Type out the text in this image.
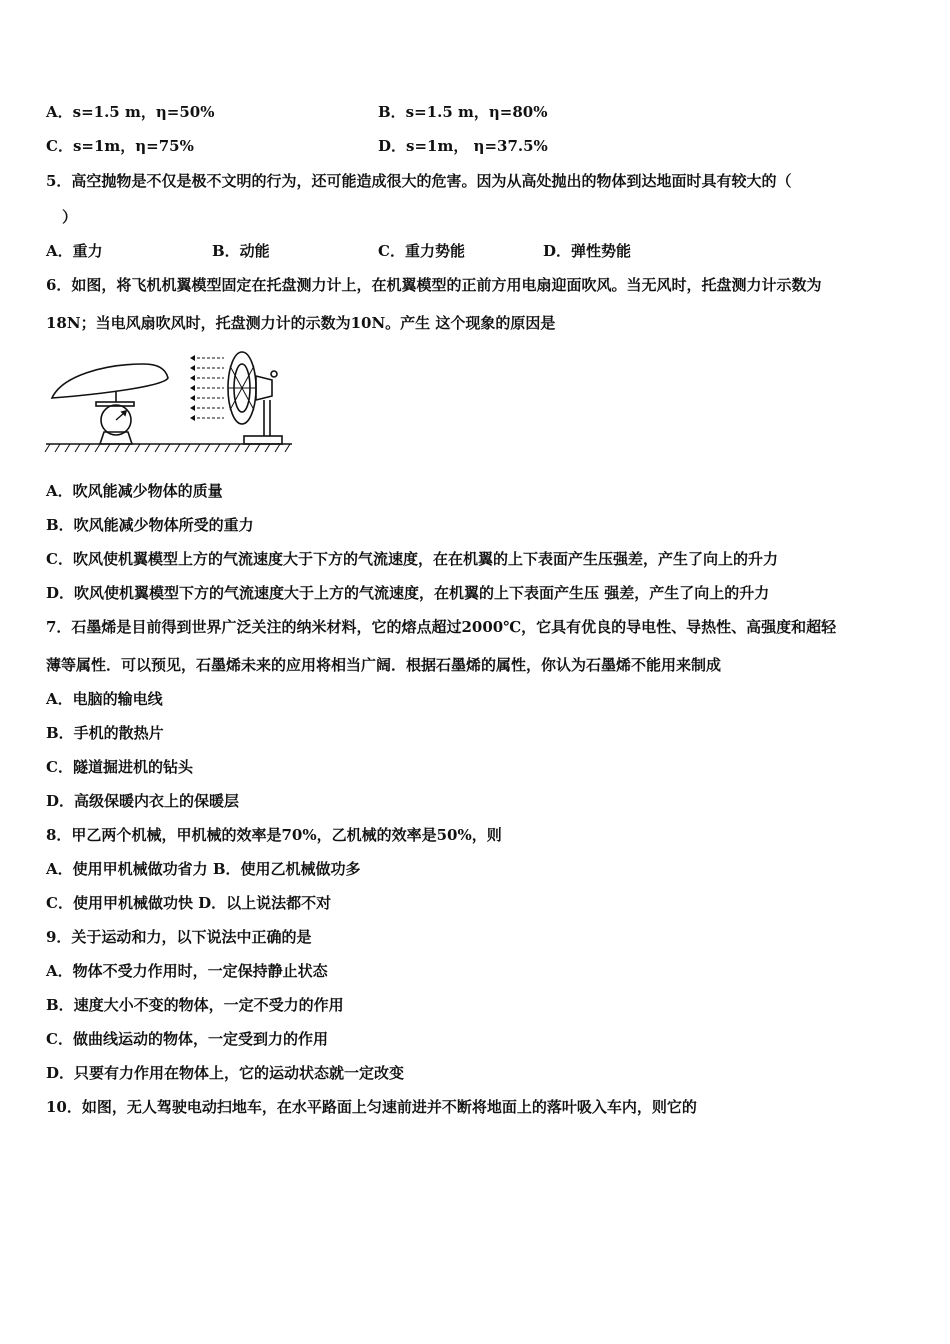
A．s=1.5 m，η=50%	B．s=1.5 m，η=80%
C．s=1m，η=75%	D．s=1m， η=37.5%
5．高空抛物是不仅是极不文明的行为，还可能造成很大的危害。因为从高处抛出的物体到达地面时具有较大的（
）
A．重力	B．动能	C．重力势能	D．弹性势能
6．如图，将飞机机翼模型固定在托盘测力计上，在机翼模型的正前方用电扇迎面吹风。当无风时，托盘测力计示数为
18N；当电风扇吹风时，托盘测力计的示数为10N。产生 这个现象的原因是
A．吹风能减少物体的质量
B．吹风能减少物体所受的重力
C．吹风使机翼模型上方的气流速度大于下方的气流速度，在在机翼的上下表面产生压强差，产生了向上的升力
D．吹风使机翼模型下方的气流速度大于上方的气流速度，在机翼的上下表面产生压 强差，产生了向上的升力
7．石墨烯是目前得到世界广泛关注的纳米材料，它的熔点超过2000℃，它具有优良的导电性、导热性、高强度和超轻
薄等属性．可以预见，石墨烯未来的应用将相当广阔．根据石墨烯的属性，你认为石墨烯不能用来制成
A．电脑的输电线
B．手机的散热片
C．隧道掘进机的钻头
D．高级保暖内衣上的保暖层
8．甲乙两个机械，甲机械的效率是70%，乙机械的效率是50%，则
A．使用甲机械做功省力 B．使用乙机械做功多
C．使用甲机械做功快 D．以上说法都不对
9．关于运动和力，以下说法中正确的是
A．物体不受力作用时，一定保持静止状态
B．速度大小不变的物体，一定不受力的作用
C．做曲线运动的物体，一定受到力的作用
D．只要有力作用在物体上，它的运动状态就一定改变
10．如图，无人驾驶电动扫地车，在水平路面上匀速前进并不断将地面上的落叶吸入车内，则它的
